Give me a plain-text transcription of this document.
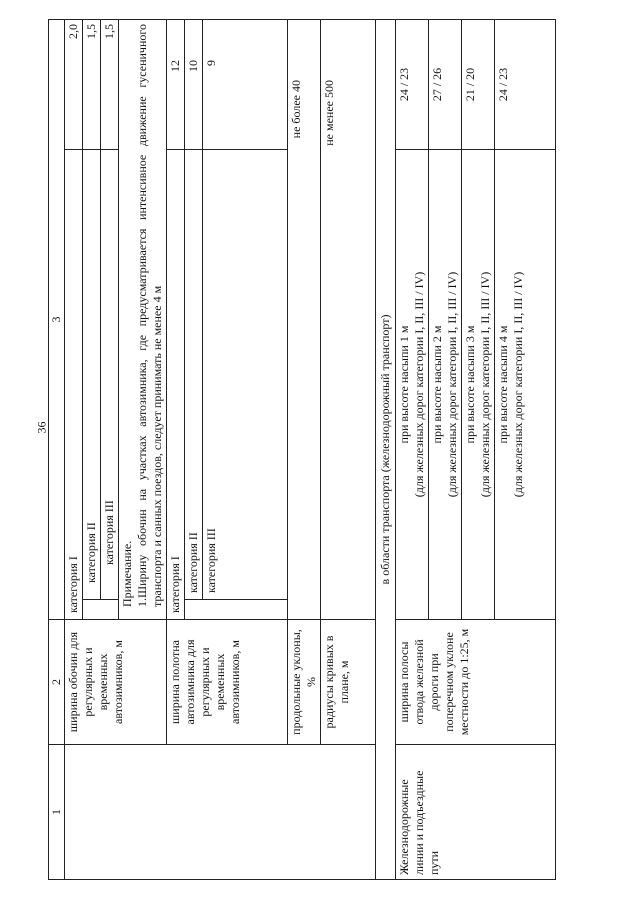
36
1	2	3		
	ширина обочин для регулярных и временных автозимников, м	категория I		2,0
			категория II	1,5
			категория III	1,5

		Примечание. 1.Ширину обочин на участках автозимника, где предусматривается интенсивное движение гусеничного транспорта и санных поездов, следует принимать не менее 4 м		

	ширина полотна автозимника для регулярных и временных автозимников, м	категория I		12
			категория II	10
			категория III	9
	продольные уклоны, %	не более 40		
	радиусы кривых в плане, м	не менее 500		
в области транспорта (железнодорожный транспорт)				
Железнодорожные линии и подъездные пути	ширина полосы отвода железной дороги при поперечном уклоне местности до 1:25, м	при высоте насыпи 1 м (для железных дорог категории I, II, III / IV)		24 / 23

		при высоте насыпи 2 м (для железных дорог категории I, II, III / IV)		27 / 26

		при высоте насыпи 3 м (для железных дорог категории I, II, III / IV)		21 / 20

		при высоте насыпи 4 м (для железных дорог категории I, II, III / IV)		24 / 23
